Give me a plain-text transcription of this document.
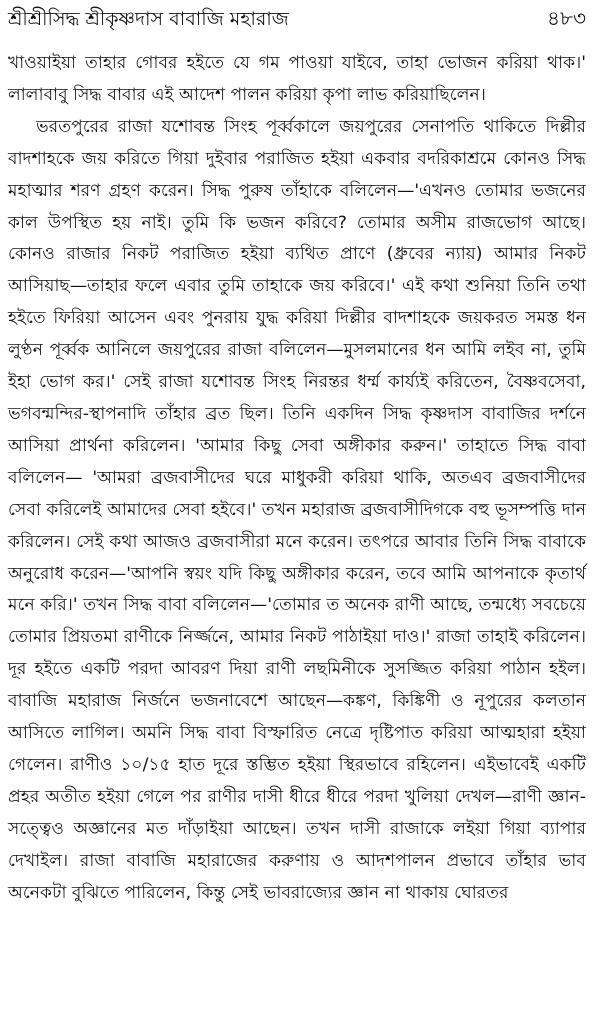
শ্রীশ্রীসিদ্ধ শ্রীকৃষ্ণদাস বাবাজি মহারাজ	৪৮৩

খাওয়াইয়া তাহার গোবর হইতে যে গম পাওয়া যাইবে, তাহা ভোজন করিয়া থাক।' লালাবাবু সিদ্ধ বাবার এই আদেশ পালন করিয়া কৃপা লাভ করিয়াছিলেন।

ভরতপুরের রাজা যশোবন্ত সিংহ পূর্ব্বকালে জয়পুরের সেনাপতি থাকিতে দিল্লীর বাদশাহকে জয় করিতে গিয়া দুইবার পরাজিত হইয়া একবার বদরিকাশ্রমে কোনও সিদ্ধ মহাত্মার শরণ গ্রহণ করেন। সিদ্ধ পুরুষ তাঁহাকে বলিলেন—'এখনও তোমার ভজনের কাল উপস্থিত হয় নাই। তুমি কি ভজন করিবে? তোমার অসীম রাজভোগ আছে। কোনও রাজার নিকট পরাজিত হইয়া ব্যথিত প্রাণে (ধ্রুবের ন্যায়) আমার নিকট আসিয়াছ—তাহার ফলে এবার তুমি তাহাকে জয় করিবে।' এই কথা শুনিয়া তিনি তথা হইতে ফিরিয়া আসেন এবং পুনরায় যুদ্ধ করিয়া দিল্লীর বাদশাহকে জয়করত সমস্ত ধন লুণ্ঠন পূর্ব্বক আনিলে জয়পুরের রাজা বলিলেন—মুসলমানের ধন আমি লইব না, তুমি ইহা ভোগ কর।' সেই রাজা যশোবন্ত সিংহ নিরন্তর ধর্ম্ম কার্য্যই করিতেন, বৈষ্ণবসেবা, ভগবন্মন্দির-স্থাপনাদি তাঁহার ব্রত ছিল। তিনি একদিন সিদ্ধ কৃষ্ণদাস বাবাজির দর্শনে আসিয়া প্রার্থনা করিলেন। 'আমার কিছু সেবা অঙ্গীকার করুন।' তাহাতে সিদ্ধ বাবা বলিলেন— 'আমরা ব্রজবাসীদের ঘরে মাধুকরী করিয়া থাকি, অতএব ব্রজবাসীদের সেবা করিলেই আমাদের সেবা হইবে।' তখন মহারাজ ব্রজবাসীদিগকে বহু ভূসম্পত্তি দান করিলেন। সেই কথা আজও ব্রজবাসীরা মনে করেন। তৎপরে আবার তিনি সিদ্ধ বাবাকে অনুরোধ করেন—'আপনি স্বয়ং যদি কিছু অঙ্গীকার করেন, তবে আমি আপনাকে কৃতার্থ মনে করি।' তখন সিদ্ধ বাবা বলিলেন—'তোমার ত অনেক রাণী আছে, তন্মধ্যে সবচেয়ে তোমার প্রিয়তমা রাণীকে নির্জ্জনে, আমার নিকট পাঠাইয়া দাও।' রাজা তাহাই করিলেন। দূর হইতে একটি পরদা আবরণ দিয়া রাণী লছমিনীকে সুসজ্জিত করিয়া পাঠান হইল। বাবাজি মহারাজ নির্জনে ভজনাবেশে আছেন—কঙ্কণ, কিঙ্কিণী ও নূপুরের কলতান আসিতে লাগিল। অমনি সিদ্ধ বাবা বিস্ফারিত নেত্রে দৃষ্টিপাত করিয়া আত্মহারা হইয়া গেলেন। রাণীও ১০/১৫ হাত দূরে স্তম্ভিত হইয়া স্থিরভাবে রহিলেন। এইভাবেই একটি প্রহর অতীত হইয়া গেলে পর রাণীর দাসী ধীরে ধীরে পরদা খুলিয়া দেখল—রাণী জ্ঞান-সত্ত্বেও অজ্ঞানের মত দাঁড়াইয়া আছেন। তখন দাসী রাজাকে লইয়া গিয়া ব্যাপার দেখাইল। রাজা বাবাজি মহারাজের করুণায় ও আদশপালন প্রভাবে তাঁহার ভাব অনেকটা বুঝিতে পারিলেন, কিন্তু সেই ভাবরাজ্যের জ্ঞান না থাকায় ঘোরতর
